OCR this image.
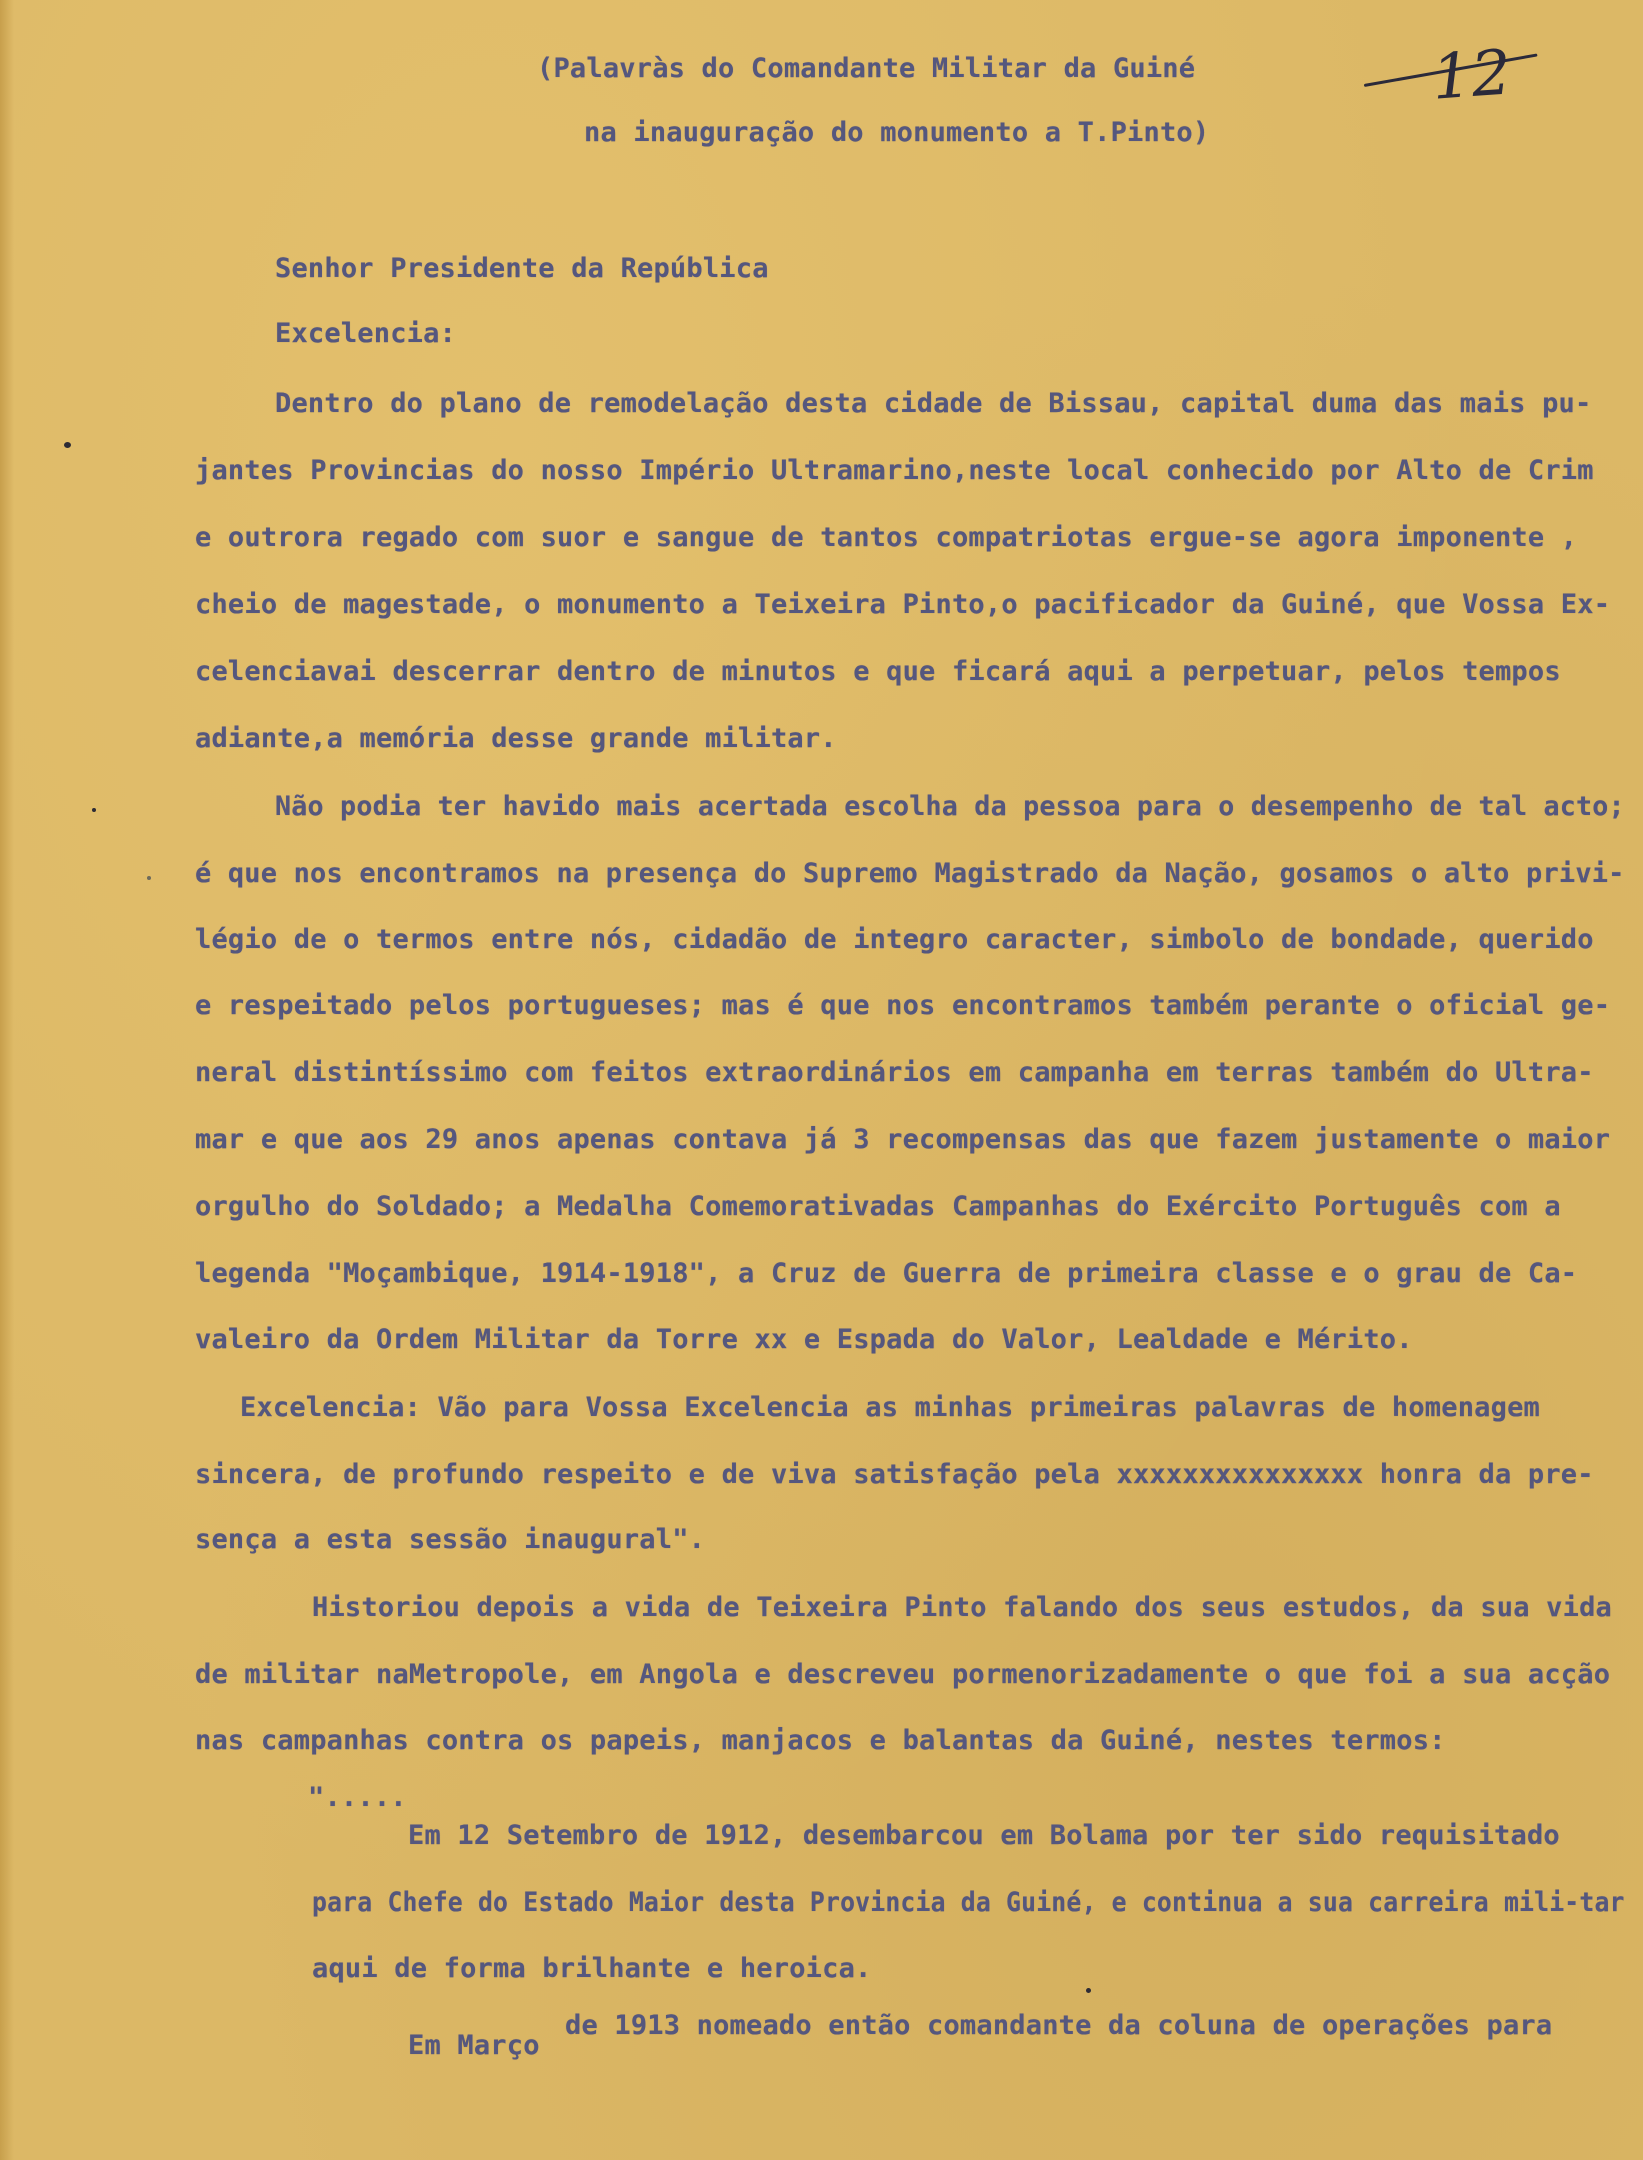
12
(Palavràs do Comandante Militar da Guiné
na inauguração do monumento a T.Pinto)
Senhor Presidente da República
Excelencia:
Dentro do plano de remodelação desta cidade de Bissau, capital duma das mais pu-
jantes Provincias do nosso Império Ultramarino,neste local conhecido por Alto de Crim
e outrora regado com suor e sangue de tantos compatriotas ergue-se agora imponente ,
cheio de magestade, o monumento a Teixeira Pinto,o pacificador da Guiné, que Vossa Ex-
celenciavai descerrar dentro de minutos e que ficará aqui a perpetuar, pelos tempos
adiante,a memória desse grande militar.
Não podia ter havido mais acertada escolha da pessoa para o desempenho de tal acto;
é que nos encontramos na presença do Supremo Magistrado da Nação, gosamos o alto privi-
légio de o termos entre nós, cidadão de integro caracter, simbolo de bondade, querido
e respeitado pelos portugueses; mas é que nos encontramos também perante o oficial ge-
neral distintíssimo com feitos extraordinários em campanha em terras também do Ultra-
mar e que aos 29 anos apenas contava já 3 recompensas das que fazem justamente o maior
orgulho do Soldado; a Medalha Comemorativadas Campanhas do Exército Português com a
legenda "Moçambique, 1914-1918", a Cruz de Guerra de primeira classe e o grau de Ca-
valeiro da Ordem Militar da Torre xx e Espada do Valor, Lealdade e Mérito.
Excelencia: Vão para Vossa Excelencia as minhas primeiras palavras de homenagem
sincera, de profundo respeito e de viva satisfação pela xxxxxxxxxxxxxxx honra da pre-
sença a esta sessão inaugural".
Historiou depois a vida de Teixeira Pinto falando dos seus estudos, da sua vida
de militar naMetropole, em Angola e descreveu pormenorizadamente o que foi a sua acção
nas campanhas contra os papeis, manjacos e balantas da Guiné, nestes termos:
".....
Em 12 Setembro de 1912, desembarcou em Bolama por ter sido requisitado
para Chefe do Estado Maior desta Provincia da Guiné, e continua a sua carreira mili-tar
aqui de forma brilhante e heroica.
Em Março
de 1913 nomeado então comandante da coluna de operações para
